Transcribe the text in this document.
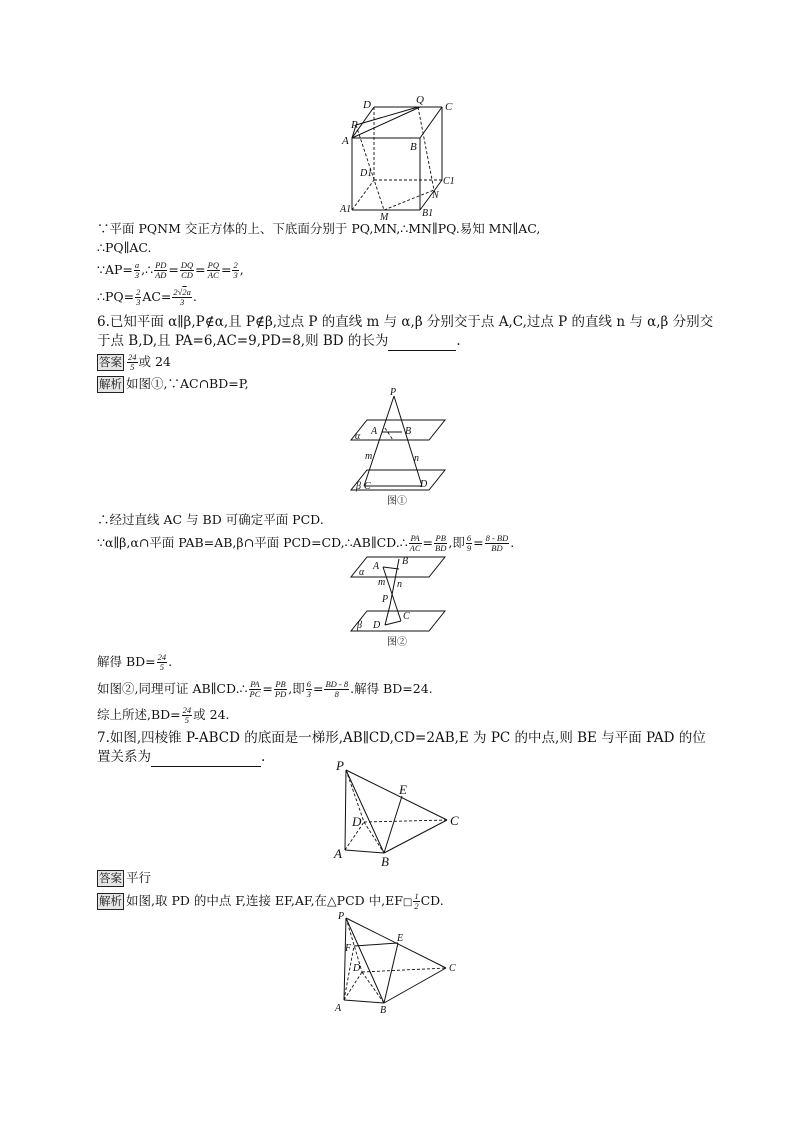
D	Q
C
P
A	B
D1
C1
N
A1
M	B1
∵平面 PQNM 交正方体的上、下底面分别于 PQ,MN,∴MN∥PQ.易知 MN∥AC,
∴PQ∥AC.
∵AP= $\frac{a}{3}$ ,∴ $\frac{PD}{AD} = \frac{DQ}{CD} = \frac{PQ}{AC} = \frac{2}{3}$ ,
∴PQ= $\frac{2}{3} AC= \frac{2√2a}{3}$ .
6.已知平面 α∥β,P∉α,且 P∉β,过点 P 的直线 m 与 α,β 分别交于点 A,C,过点 P 的直线 n 与 α,β 分别交
于点 B,D,且 PA=6,AC=9,PD=8,则 BD 的长为	.
答案 $\frac{24}{5}$ 或 24
解析 如图①,∵AC∩BD=P,
P
A	B
α
m	n
β C	D
图①
∴经过直线 AC 与 BD 可确定平面 PCD.
∵α∥β,α∩平面 PAB=AB,β∩平面 PCD=CD,∴AB∥CD.∴ $\frac{PA}{AC} = \frac{PB}{BD}$ ,即 $\frac{6}{9} = \frac{8 - BD}{BD}$ .
A B
α
m n
P
β D
C
图②
解得 $BD= \frac{24}{5}$ .
如图②,同理可证 AB∥CD.∴ $\frac{PA}{PC} = \frac{PB}{PD}$ ,即 $\frac{6}{3} = \frac{BD - 8}{8}$ .解得 BD=24.
综上所述$,BD= \frac{24}{5}$ 或 24.
7.如图,四棱锥 P-ABCD 的底面是一梯形,AB∥CD,CD=2AB,E 为 PC 的中点,则 BE 与平面 PAD 的位
置关系为	.
P
E
D	C
A
B
答案 平行
解析 如图,取 PD 的中点 F,连接 EF,AF,在△PCD 中,EF□ $\frac{1}{2}$ CD.
P
E
F
D	C
A	B
